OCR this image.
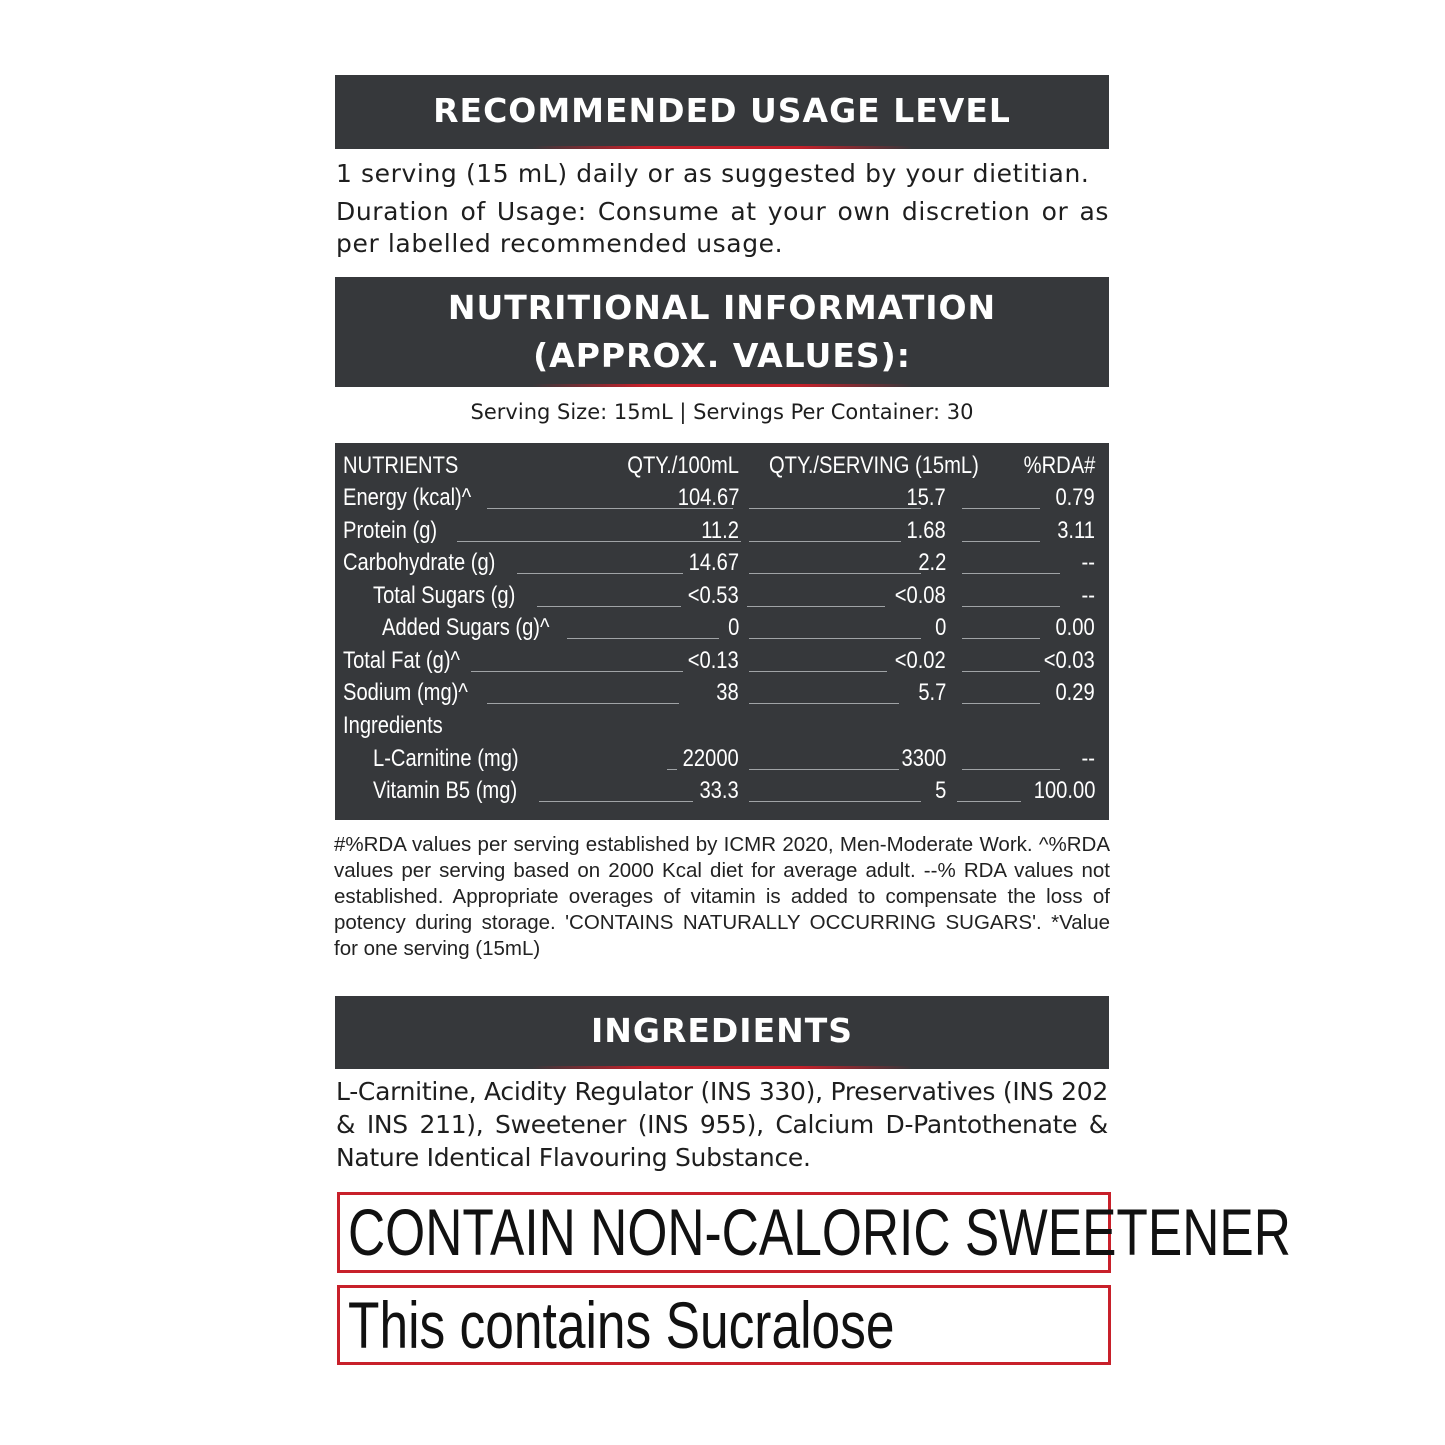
RECOMMENDED USAGE LEVEL
1 serving (15 mL) daily or as suggested by your dietitian.
Duration of Usage: Consume at your own discretion or as per labelled recommended usage.
NUTRITIONAL INFORMATION
(APPROX. VALUES):
Serving Size: 15mL | Servings Per Container: 30
NUTRIENTS	QTY./100mL QTY./SERVING (15mL) %RDA#
Energy (kcal)^	104.67	15.7	0.79
Protein (g)	11.2	1.68	3.11
Carbohydrate (g)	14.67	2.2	--
Total Sugars (g)	<0.53	<0.08	--
Added Sugars (g)^	0	0	0.00
Total Fat (g)^	<0.13	<0.02	<0.03
Sodium (mg)^	38	5.7	0.29
Ingredients
L-Carnitine (mg)	22000	3300	--
Vitamin B5 (mg)	33.3	5	100.00
#%RDA values per serving established by ICMR 2020, Men-Moderate Work. ^%RDA values per serving based on 2000 Kcal diet for average adult. --% RDA values not established. Appropriate overages of vitamin is added to compensate the loss of potency during storage. 'CONTAINS NATURALLY OCCURRING SUGARS'. *Value for one serving (15mL)
INGREDIENTS
L-Carnitine, Acidity Regulator (INS 330), Preservatives (INS 202 & INS 211), Sweetener (INS 955), Calcium D-Pantothenate & Nature Identical Flavouring Substance.
CONTAIN NON-CALORIC SWEETENER
This contains Sucralose
